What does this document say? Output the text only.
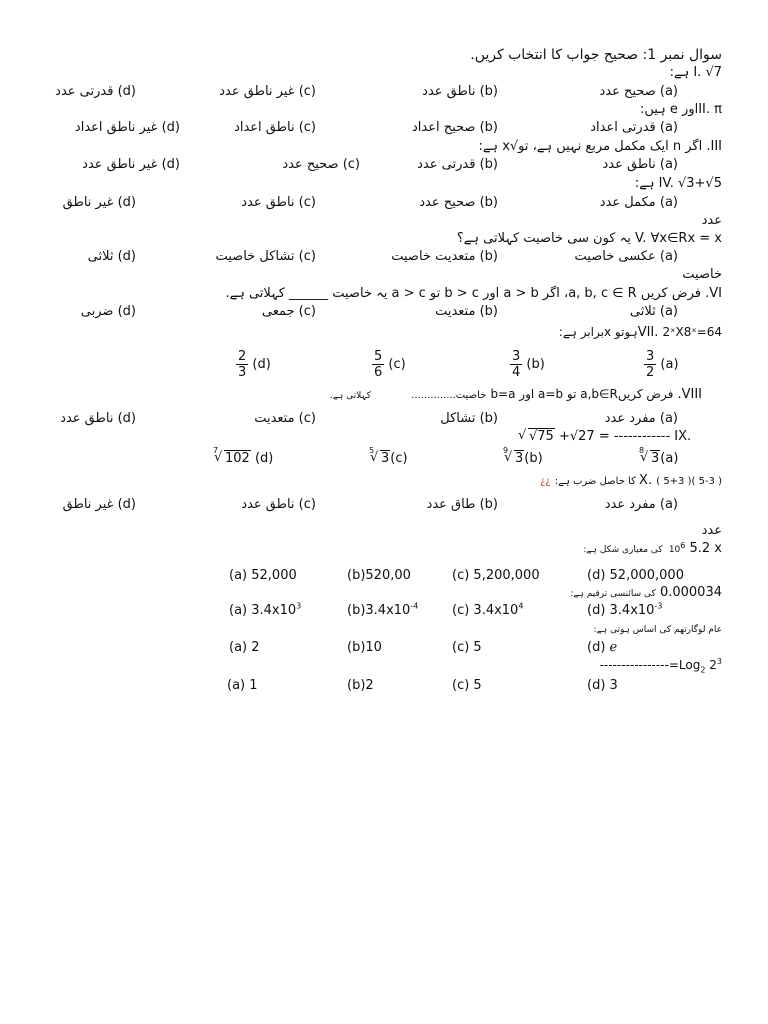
سوال نمبر 1: صحیح جواب کا انتخاب کریں.
I. √7 ہے:
(a) صحیح عدد
(b) ناطق عدد
(c) غیر ناطق عدد
(d) قدرتی عدد
II. πاور e ہیں:
(a) قدرتی اعداد
(b) صحیح اعداد
(c) ناطق اعداد
(d) غیر ناطق اعداد
III. اگر n ایک مکمل مربع نہیں ہے، تو√x ہے:
(a) ناطق عدد
(b) قدرتی عدد
(c) صحیح عدد
(d) غیر ناطق عدد
IV. √3+√5 ہے:
(a) مکمل عدد
(b) صحیح عدد
(c) ناطق عدد
(d) غیر ناطق
عدد
V. ∀x∈Rx = x یہ کون سی خاصیت کہلاتی ہے؟
(a) عکسی خاصیت
(b) متعدیت خاصیت
(c) تشاکل خاصیت
(d) ثلاثی
خاصیت
VI. فرض کریں a, b, c ∈ R، اگر a > b اور b > c تو a > c یہ خاصیت ______ کہلاتی ہے.
(a) ثلاثی
(b) متعدیت
(c) جمعی
(d) ضربی
VII. 2ˣX8ˣ=64ہوتو xبرابر ہے:
$\frac{3}{2} (a)$
$\frac{3}{4} (b)$
$\frac{5}{6} (c)$
$\frac{2}{3} (d)$
VIII. فرض کریںa,b∈R تو a=b اور b=a خاصیت.............. کہلاتی ہے.
(a) مفرد عدد
(b) تشاکل
(c) متعدیت
(d) ناطق عدد
√ √75 +√27 = ------------ IX.
√ 8
3(a)
√ 9
3(b)
√ 5
3(c)
√ 7
102 (d)
X. ( 5+3 )( 5-3 ) کا حاصل ضرب ہے: ¿¿
(a) مفرد عدد
(b) طاق عدد
(c) ناطق عدد
(d) غیر ناطق
عدد
کی معیاری شکل ہے: $10^6$ 5.2 x
(a) 52,000	(b)520,00	(c) 5,200,000	(d) 52,000,000
کی سائنسی ترقیم ہے: 0.000034
(a) $3.4x10^3$	$(b)3.4x10^{-4}$	(c) $3.4x10^4$	(d) $3.4x10^{-3}$
عام لوگارتھم کی اساس ہوتی ہے:
(a) 2	(b)10	(c) 5	(d) ℯ
----------------=Log$_2$ $2^3$
(a) 1	(b)2	(c) 5	(d) 3
